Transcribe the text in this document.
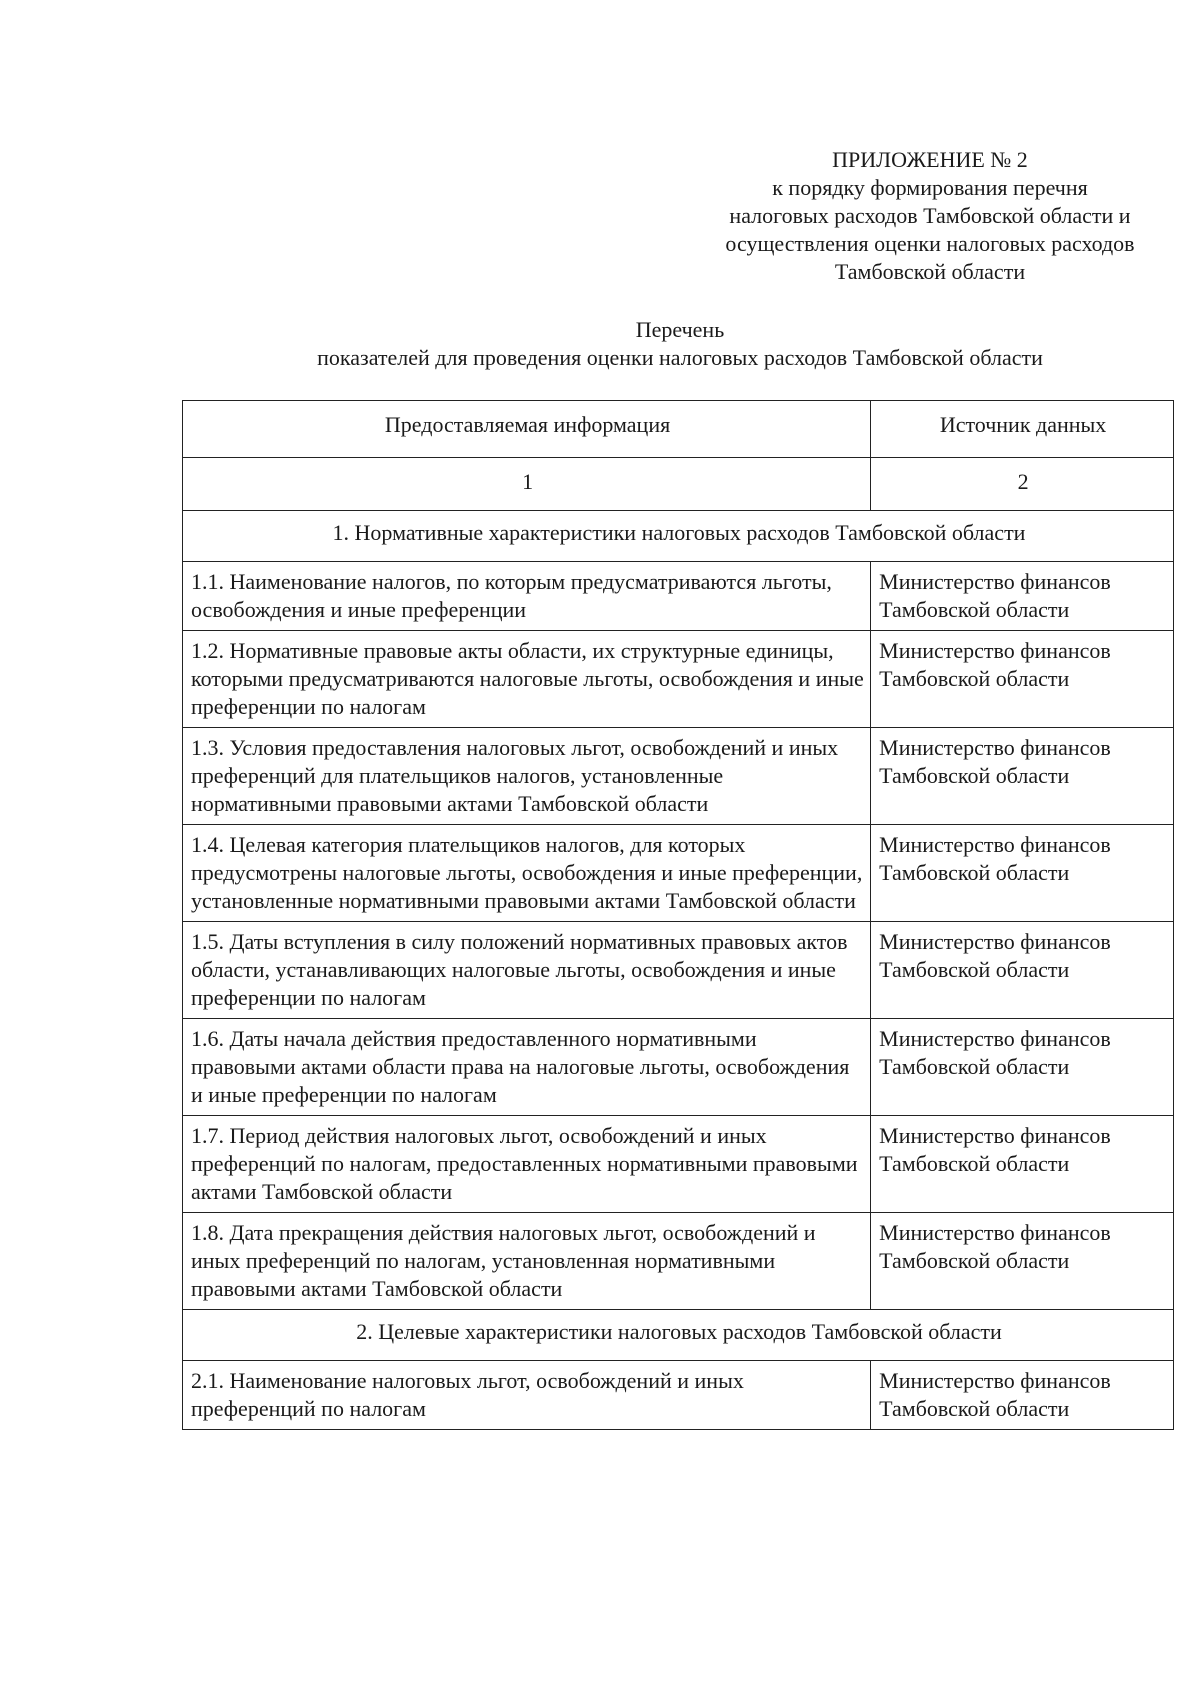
ПРИЛОЖЕНИЕ № 2
к порядку формирования перечня
налоговых расходов Тамбовской области и
осуществления оценки налоговых расходов
Тамбовской области
Перечень
показателей для проведения оценки налоговых расходов Тамбовской области
Предоставляемая информация	Источник данных
1	2
1. Нормативные характеристики налоговых расходов Тамбовской области	
1.1. Наименование налогов, по которым предусматриваются льготы, освобождения и иные преференции	Министерство финансов Тамбовской области
1.2. Нормативные правовые акты области, их структурные единицы, которыми предусматриваются налоговые льготы, освобождения и иные преференции по налогам	Министерство финансов Тамбовской области
1.3. Условия предоставления налоговых льгот, освобождений и иных преференций для плательщиков налогов, установленные нормативными правовыми актами Тамбовской области	Министерство финансов Тамбовской области
1.4. Целевая категория плательщиков налогов, для которых предусмотрены налоговые льготы, освобождения и иные преференции, установленные нормативными правовыми актами Тамбовской области	Министерство финансов Тамбовской области
1.5. Даты вступления в силу положений нормативных правовых актов области, устанавливающих налоговые льготы, освобождения и иные преференции по налогам	Министерство финансов Тамбовской области
1.6. Даты начала действия предоставленного нормативными правовыми актами области права на налоговые льготы, освобождения и иные преференции по налогам	Министерство финансов Тамбовской области
1.7. Период действия налоговых льгот, освобождений и иных преференций по налогам, предоставленных нормативными правовыми актами Тамбовской области	Министерство финансов Тамбовской области
1.8. Дата прекращения действия налоговых льгот, освобождений и иных преференций по налогам, установленная нормативными правовыми актами Тамбовской области	Министерство финансов Тамбовской области
2. Целевые характеристики налоговых расходов Тамбовской области	
2.1. Наименование налоговых льгот, освобождений и иных преференций по налогам	Министерство финансов Тамбовской области
